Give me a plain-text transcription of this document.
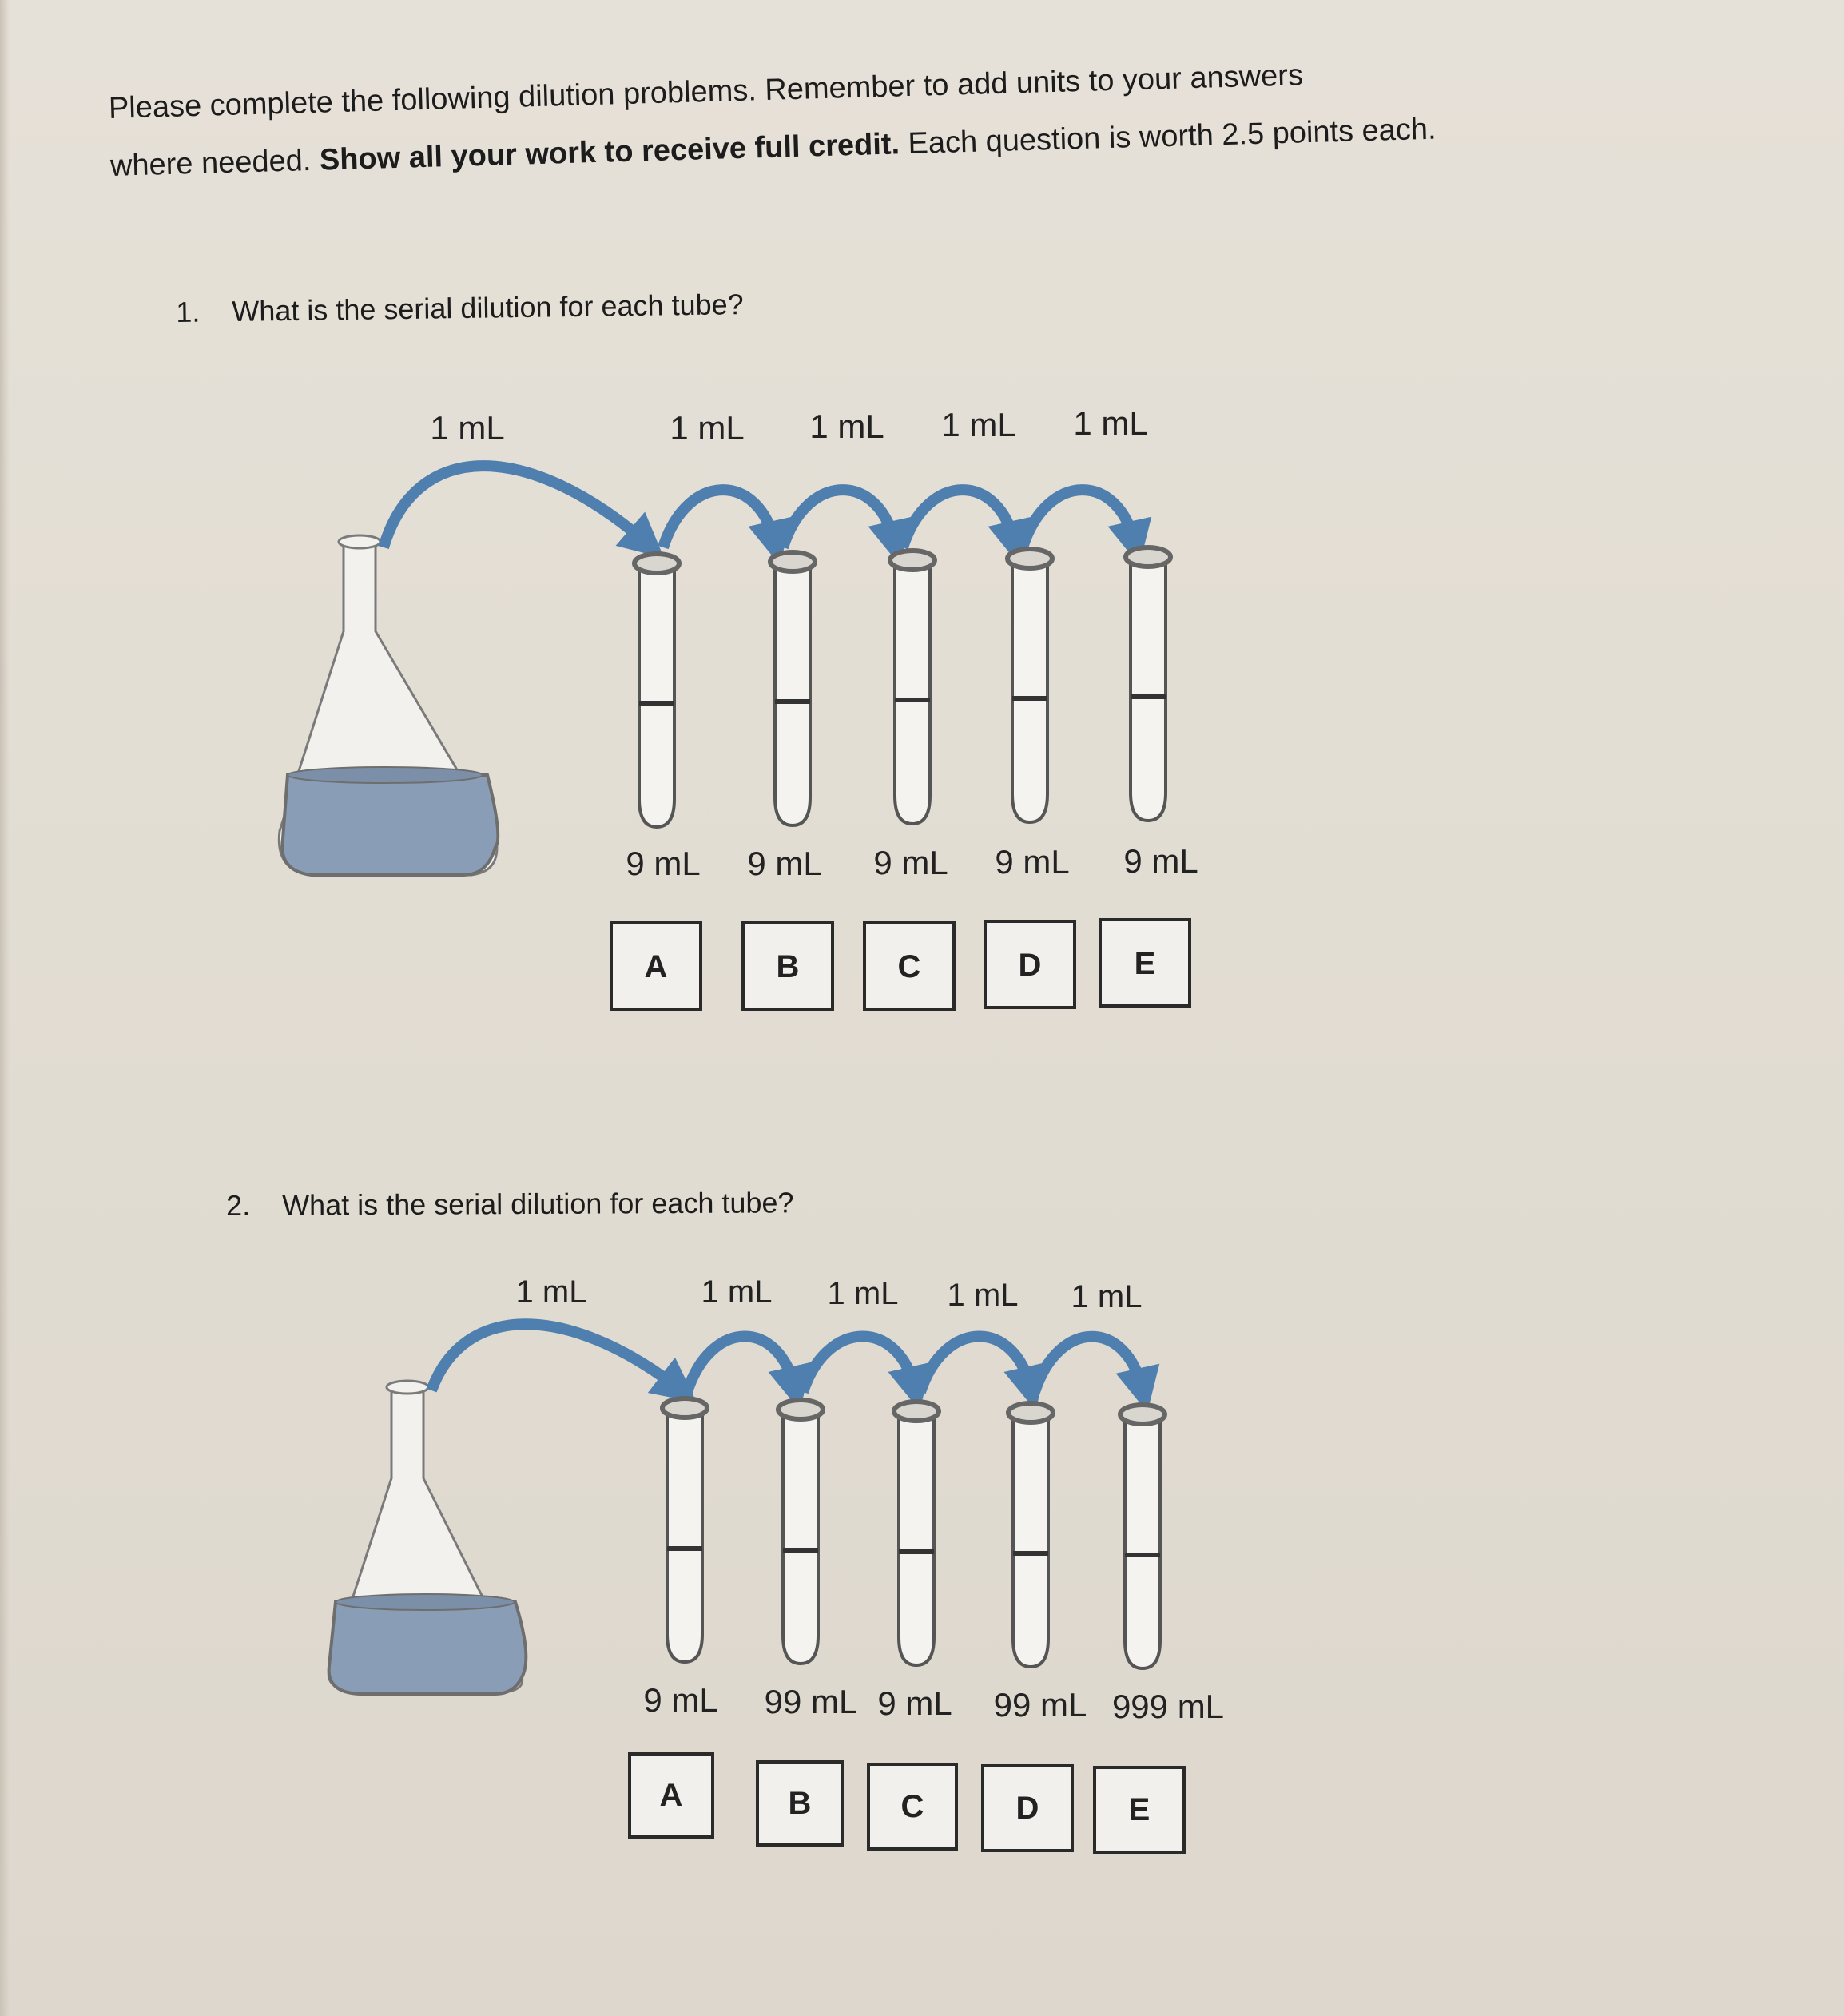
Please complete the following dilution problems. Remember to add units to your answers
where needed. Show all your work to receive full credit. Each question is worth 2.5 points each.
1. What is the serial dilution for each tube?
1 mL	1 mL 1 mL 1 mL 1 mL
9 mL 9 mL 9 mL 9 mL 9 mL
A	B	C	D	E
2. What is the serial dilution for each tube?
1 mL	1 mL 1 mL 1 mL 1 mL
9 mL 99 mL 9 mL 99 mL 999 mL
A	B	C	D	E
